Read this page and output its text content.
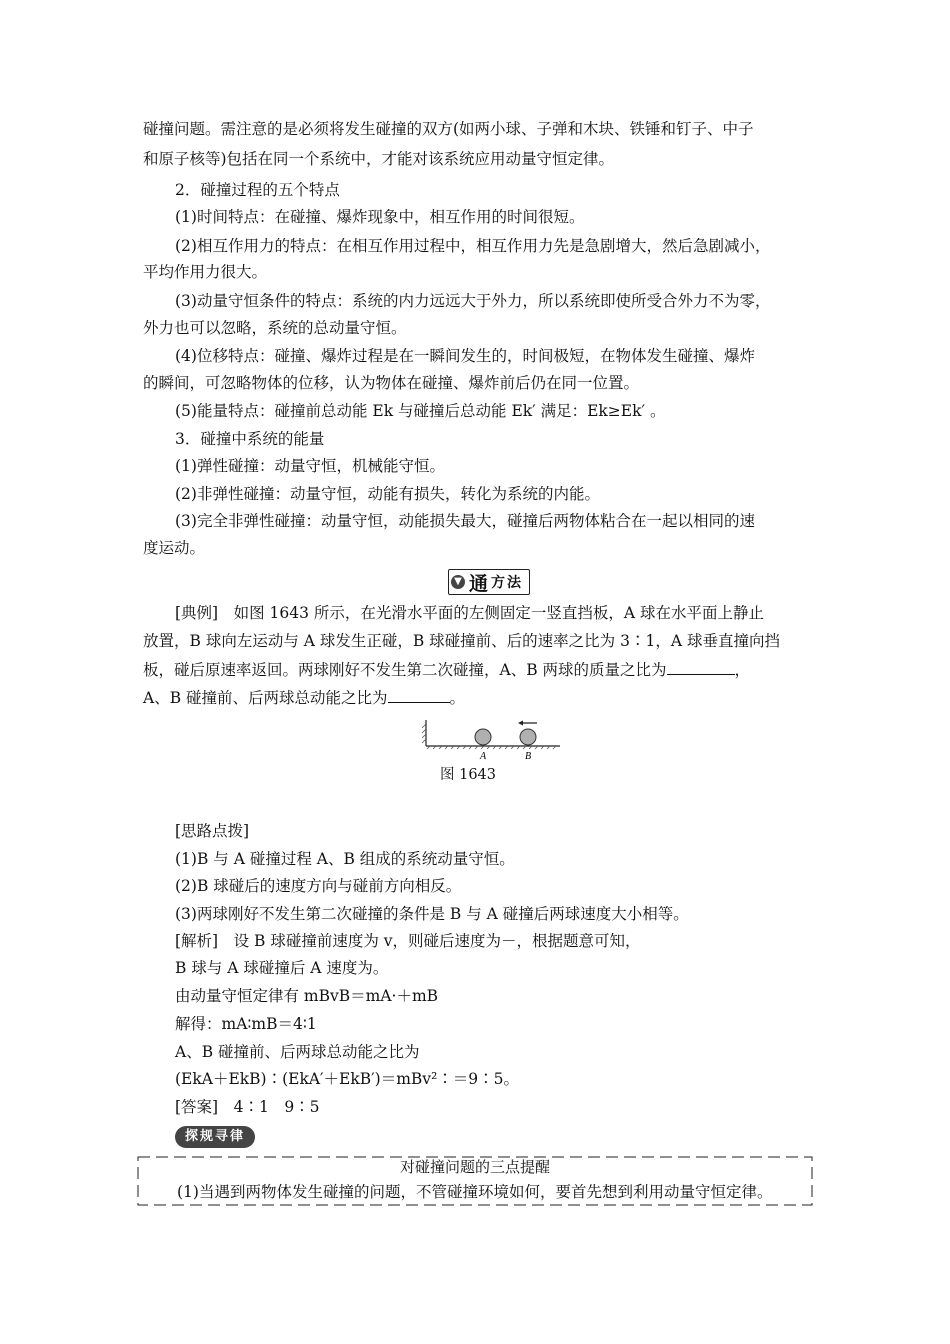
碰撞问题。需注意的是必须将发生碰撞的双方(如两小球、子弹和木块、铁锤和钉子、中子
和原子核等)包括在同一个系统中，才能对该系统应用动量守恒定律。
2．碰撞过程的五个特点
(1)时间特点：在碰撞、爆炸现象中，相互作用的时间很短。
(2)相互作用力的特点：在相互作用过程中，相互作用力先是急剧增大，然后急剧减小，
平均作用力很大。
(3)动量守恒条件的特点：系统的内力远远大于外力，所以系统即使所受合外力不为零，
外力也可以忽略，系统的总动量守恒。
(4)位移特点：碰撞、爆炸过程是在一瞬间发生的，时间极短，在物体发生碰撞、爆炸
的瞬间，可忽略物体的位移，认为物体在碰撞、爆炸前后仍在同一位置。
(5)能量特点：碰撞前总动能 Ek 与碰撞后总动能 Ek′ 满足：Ek≥Ek′ 。
3．碰撞中系统的能量
(1)弹性碰撞：动量守恒，机械能守恒。
(2)非弹性碰撞：动量守恒，动能有损失，转化为系统的内能。
(3)完全非弹性碰撞：动量守恒，动能损失最大，碰撞后两物体粘合在一起以相同的速
度运动。
▼ 通 方法
[典例]　如图 1643 所示，在光滑水平面的左侧固定一竖直挡板，A 球在水平面上静止
放置，B 球向左运动与 A 球发生正碰，B 球碰撞前、后的速率之比为 3∶1，A 球垂直撞向挡
板，碰后原速率返回。两球刚好不发生第二次碰撞，A、B 两球的质量之比为	，
A、B 碰撞前、后两球总动能之比为	。
A	B
图 1643
[思路点拨]
(1)B 与 A 碰撞过程 A、B 组成的系统动量守恒。
(2)B 球碰后的速度方向与碰前方向相反。
(3)两球刚好不发生第二次碰撞的条件是 B 与 A 碰撞后两球速度大小相等。
[解析]　设 B 球碰撞前速度为 v，则碰后速度为－，根据题意可知，
B 球与 A 球碰撞后 A 速度为。
由动量守恒定律有 mBvB＝mA·＋mB
解得：mA∶mB＝4∶1
A、B 碰撞前、后两球总动能之比为
(EkA＋EkB)∶(EkA′＋EkB′)＝mBv²∶＝9∶5。
[答案]　4∶1　9∶5
探规寻律
对碰撞问题的三点提醒
(1)当遇到两物体发生碰撞的问题，不管碰撞环境如何，要首先想到利用动量守恒定律。
